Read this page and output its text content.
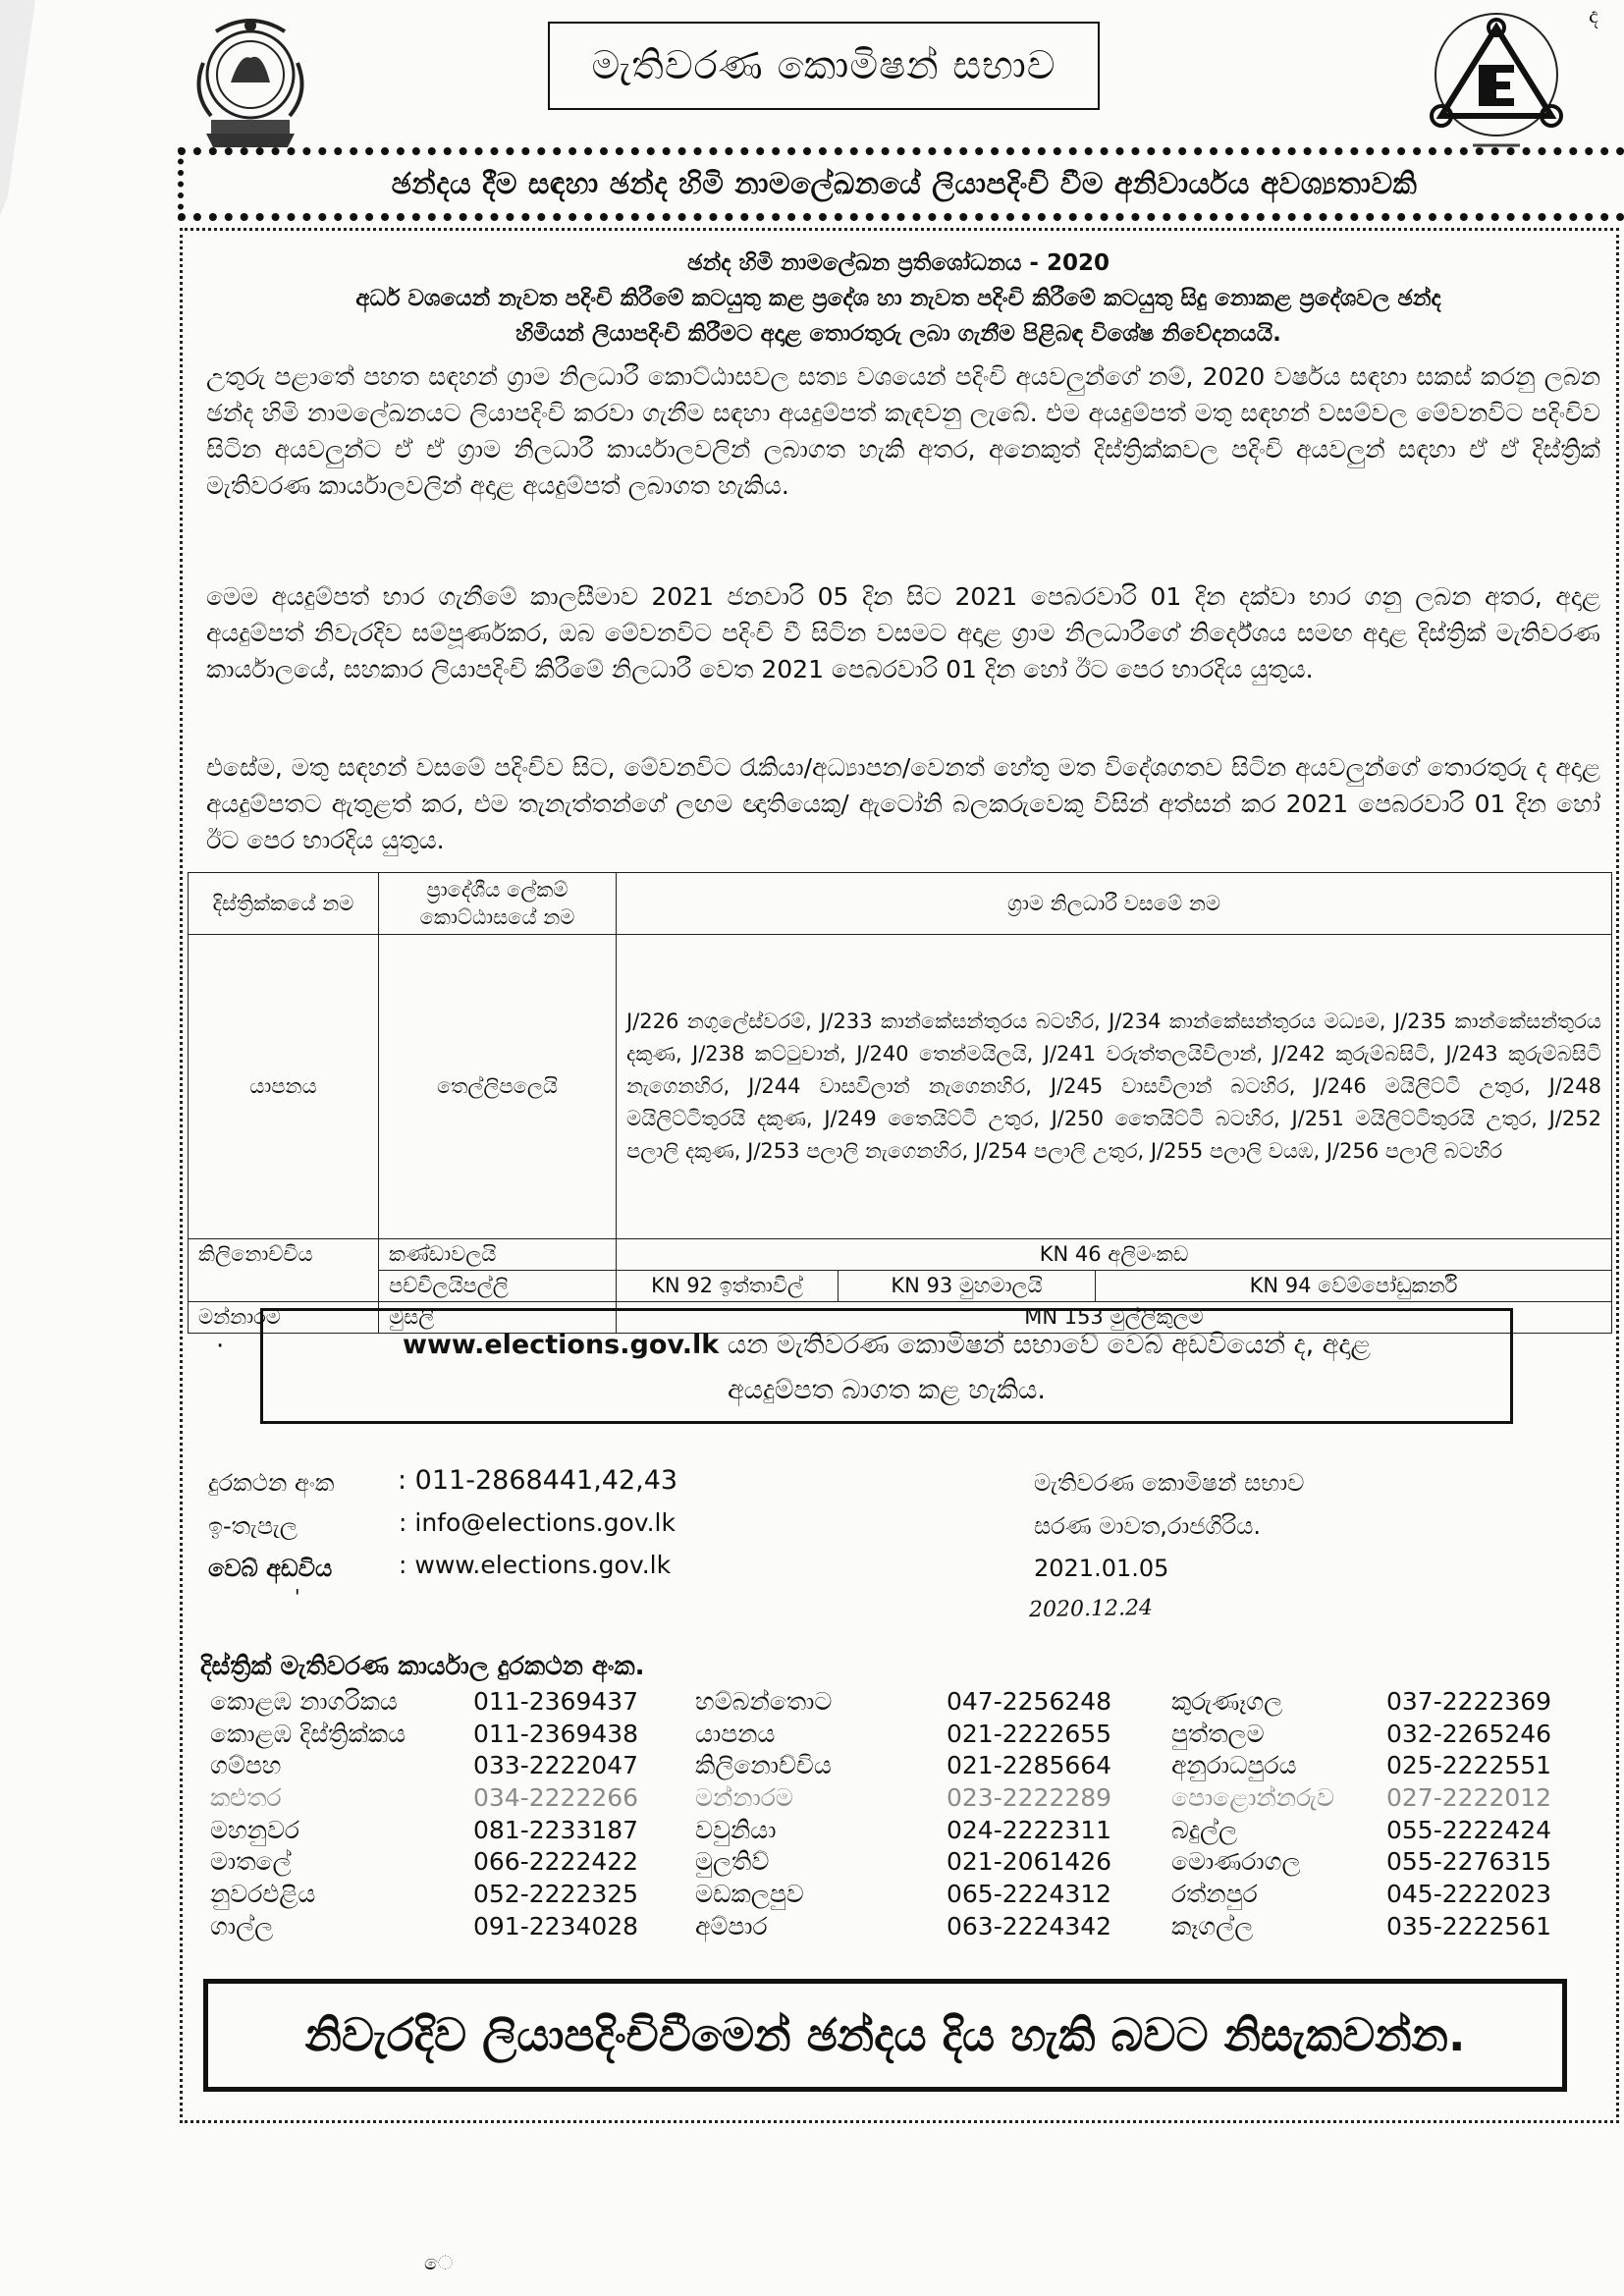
ද
මැතිවරණ කොමිෂන් සභාව
ඡන්දය දීම සඳහා ඡන්ද හිමි නාමලේඛනයේ ලියාපදිංචි වීම අනිවාර්යය අවශ්‍යතාවකි
ඡන්ද හිමි නාමලේඛන ප්‍රතිශෝධනය - 2020
අර්ධ වශයෙන් නැවත පදිංචි කිරීමේ කටයුතු කළ ප්‍රදේශ හා නැවත පදිංචි කිරීමේ කටයුතු සිදු නොකළ ප්‍රදේශවල ඡන්ද
හිමියන් ලියාපදිංචි කිරීමට අදාළ තොරතුරු ලබා ගැනීම පිළිබඳ විශේෂ නිවේදනයයි.

උතුරු පළාතේ පහත සඳහන් ග්‍රාම නිලධාරී කොට්ඨාසවල සත්‍ය වශයෙන් පදිංචි අයවලුන්ගේ නම්, 2020 වර්ෂය සඳහා සකස් කරනු ලබන ඡන්ද හිමි නාමලේඛනයට ලියාපදිංචි කරවා ගැනීම සඳහා අයදුම්පත් කැඳවනු ලැබේ. එම අයදුම්පත් මතු සඳහන් වසම්වල මේවනවිට පදිංචිව සිටින අයවලුන්ට ඒ ඒ ග්‍රාම නිලධාරී කාර්යාලවලින් ලබාගත හැකි අතර, අනෙකුත් දිස්ත්‍රික්කවල පදිංචි අයවලුන් සඳහා ඒ ඒ දිස්ත්‍රික් මැතිවරණ කාර්යාලවලින් අදාළ අයදුම්පත් ලබාගත හැකිය.

මෙම අයදුම්පත් භාර ගැනීමේ කාලසීමාව 2021 ජනවාරි 05 දින සිට 2021 පෙබරවාරි 01 දින දක්වා භාර ගනු ලබන අතර, අදාළ අයදුම්පත් නිවැරදිව සම්පූර්ණකර, ඔබ මේවනවිට පදිංචි වී සිටින වසමට අදාළ ග්‍රාම නිලධාරීගේ නිර්දේශය සමඟ අදාළ දිස්ත්‍රික් මැතිවරණ කාර්යාලයේ, සහකාර ලියාපදිංචි කිරීමේ නිලධාරී වෙත 2021 පෙබරවාරි 01 දින හෝ ඊට පෙර භාරදිය යුතුය.

එසේම, මතු සඳහන් වසමේ පදිංචිව සිට, මේවනවිට රැකියා/අධ්‍යාපන/වෙනත් හේතු මත විදේශගතව සිටින අයවලුන්ගේ තොරතුරු ද අදාළ අයදුම්පතට ඇතුළත් කර, එම තැනැත්තන්ගේ ලඟම ඥාතියෙකු/ ඇටෝනි බලකරුවෙකු විසින් අත්සන් කර 2021 පෙබරවාරි 01 දින හෝ ඊට පෙර භාරදිය යුතුය.

දිස්ත්‍රික්කයේ නම	ප්‍රාදේශීය ලේකම් කොට්ඨාසයේ නම	ග්‍රාම නිලධාරී වසමේ නම		
යාපනය	තෙල්ලිපලෙයි	J/226 නගුලේස්වරම්, J/233 කාන්කේසන්තුරය බටහිර, J/234 කාන්කේසන්තුරය මධ්‍යම, J/235 කාන්කේසන්තුරය දකුණ, J/238 කට්ටුවාන්, J/240 තෙන්මයිලයි, J/241 වරුත්තලයිවිලාන්, J/242 කුරුම්බසිටි, J/243 කුරුම්බසිටි නැගෙනහිර, J/244 වාසවිලාන් නැගෙනහිර, J/245 වාසවිලාන් බටහිර, J/246 මයිලිට්ටි උතුර, J/248 මයිලිට්ටිතුරයි දකුණ, J/249 තෛයිට්ටි උතුර, J/250 තෛයිට්ටි බටහිර, J/251 මයිලිට්ටිතුරයි උතුර, J/252 පලාලි දකුණ, J/253 පලාලි නැගෙනහිර, J/254 පලාලි උතුර, J/255 පලාලි වයඹ, J/256 පලාලි බටහිර		
කිලිනොච්චිය	කණ්ඩාවලයි	KN 46 අලිමංකඩ		
	පච්චිලයිපල්ලි	KN 92 ඉත්තාවිල්	KN 93 මුහමාලයි	KN 94 වේම්පෝඩුකර්නි
මන්නාරම	මුසලි	MN 153 මුල්ලිකුලම		
·	www.elections.gov.lk යන මැතිවරණ කොමිෂන් සභාවේ වෙබ් අඩවියෙන් ද, අදාළ
අයදුම්පත බාගත කළ හැකිය.
දුරකථන අංක : 011-2868441,42,43
ඉ-තැපැල	: info@elections.gov.lk
වෙබ් අඩවිය	: www.elections.gov.lk
'
මැතිවරණ කොමිෂන් සභාව
සරණ මාවත,රාජගිරිය.
2021.01.05
2020.12.24
දිස්ත්‍රික් මැතිවරණ කාර්යාල දුරකථන අංක.
කොළඹ නාගරිකය	011-2369437	හම්බන්තොට	047-2256248	කුරුණෑගල	037-2222369
කොළඹ දිස්ත්‍රික්කය	011-2369438	යාපනය	021-2222655	පුත්තලම	032-2265246
ගම්පහ	033-2222047	කිලිනොච්චිය	021-2285664	අනුරාධපුරය	025-2222551
කළුතර	034-2222266	මන්නාරම	023-2222289	පොළොන්නරුව	027-2222012
මහනුවර	081-2233187	වවුනියා	024-2222311	බදුල්ල	055-2222424
මාතලේ	066-2222422	මුලතිව්	021-2061426	මොණරාගල	055-2276315
නුවරඑළිය	052-2222325	මඩකලපුව	065-2224312	රත්නපුර	045-2222023
ගාල්ල	091-2234028	අම්පාර	063-2224342	කෑගල්ල	035-2222561
නිවැරදිව ලියාපදිංචිවීමෙන් ඡන්දය දිය හැකි බවට නිසැකවන්න.
ෙ
